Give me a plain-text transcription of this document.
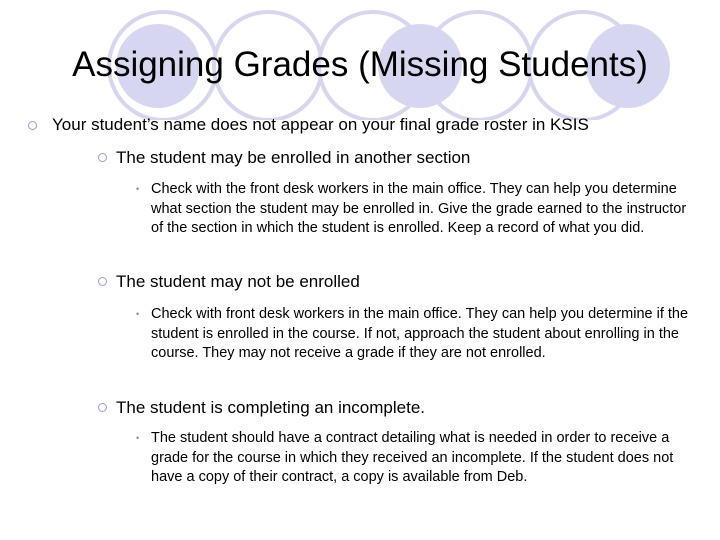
Assigning Grades (Missing Students)
Your student’s name does not appear on your final grade roster in KSIS
The student may be enrolled in another section
• Check with the front desk workers in the main office. They can help you determine what section the student may be enrolled in. Give the grade earned to the instructor of the section in which the student is enrolled. Keep a record of what you did.
The student may not be enrolled
• Check with front desk workers in the main office. They can help you determine if the student is enrolled in the course. If not, approach the student about enrolling in the course. They may not receive a grade if they are not enrolled.
The student is completing an incomplete.
• The student should have a contract detailing what is needed in order to receive a grade for the course in which they received an incomplete. If the student does not have a copy of their contract, a copy is available from Deb.
